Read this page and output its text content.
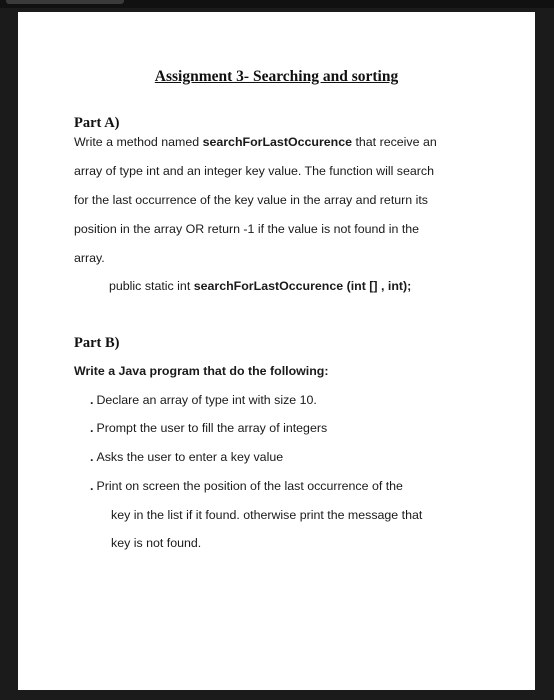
Assignment 3- Searching and sorting
Part A)
Write a method named searchForLastOccurence that receive an
array of type int and an integer key value. The function will search
for the last occurrence of the key value in the array and return its
position in the array OR return -1 if the value is not found in the
array.
public static int searchForLastOccurence (int [] , int);
Part B)
Write a Java program that do the following:
. Declare an array of type int with size 10.
. Prompt the user to fill the array of integers
. Asks the user to enter a key value
. Print on screen the position of the last occurrence of the
key in the list if it found. otherwise print the message that
key is not found.
